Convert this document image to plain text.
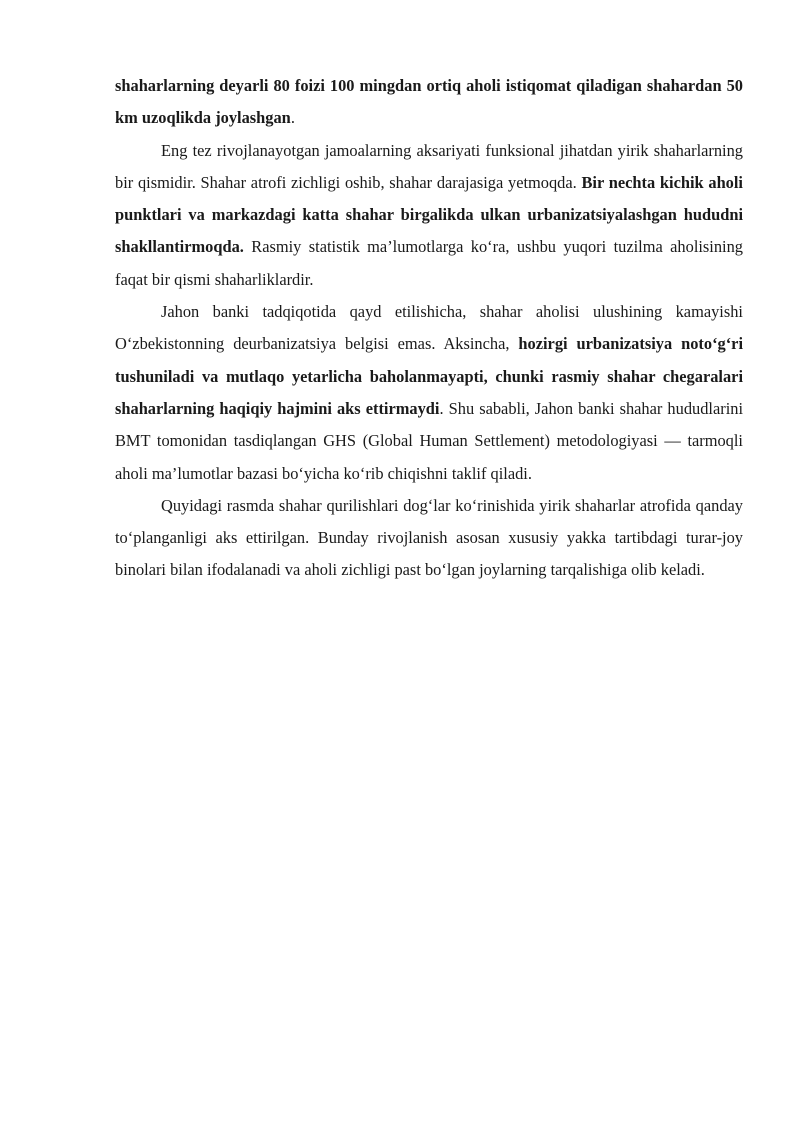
shaharlarning deyarli 80 foizi 100 mingdan ortiq aholi istiqomat qiladigan shahardan 50 km uzoqlikda joylashgan.

Eng tez rivojlanayotgan jamoalarning aksariyati funksional jihatdan yirik shaharlarning bir qismidir. Shahar atrofi zichligi oshib, shahar darajasiga yetmoqda. Bir nechta kichik aholi punktlari va markazdagi katta shahar birgalikda ulkan urbanizatsiyalashgan hududni shakllantirmoqda. Rasmiy statistik ma’lumotlarga ko‘ra, ushbu yuqori tuzilma aholisining faqat bir qismi shaharliklardir.

Jahon banki tadqiqotida qayd etilishicha, shahar aholisi ulushining kamayishi O‘zbekistonning deurbanizatsiya belgisi emas. Aksincha, hozirgi urbanizatsiya noto‘g‘ri tushuniladi va mutlaqo yetarlicha baholanmayapti, chunki rasmiy shahar chegaralari shaharlarning haqiqiy hajmini aks ettirmaydi. Shu sababli, Jahon banki shahar hududlarini BMT tomonidan tasdiqlangan GHS (Global Human Settlement) metodologiyasi — tarmoqli aholi ma’lumotlar bazasi bo‘yicha ko‘rib chiqishni taklif qiladi.

Quyidagi rasmda shahar qurilishlari dog‘lar ko‘rinishida yirik shaharlar atrofida qanday to‘planganligi aks ettirilgan. Bunday rivojlanish asosan xususiy yakka tartibdagi turar-joy binolari bilan ifodalanadi va aholi zichligi past bo‘lgan joylarning tarqalishiga olib keladi.
